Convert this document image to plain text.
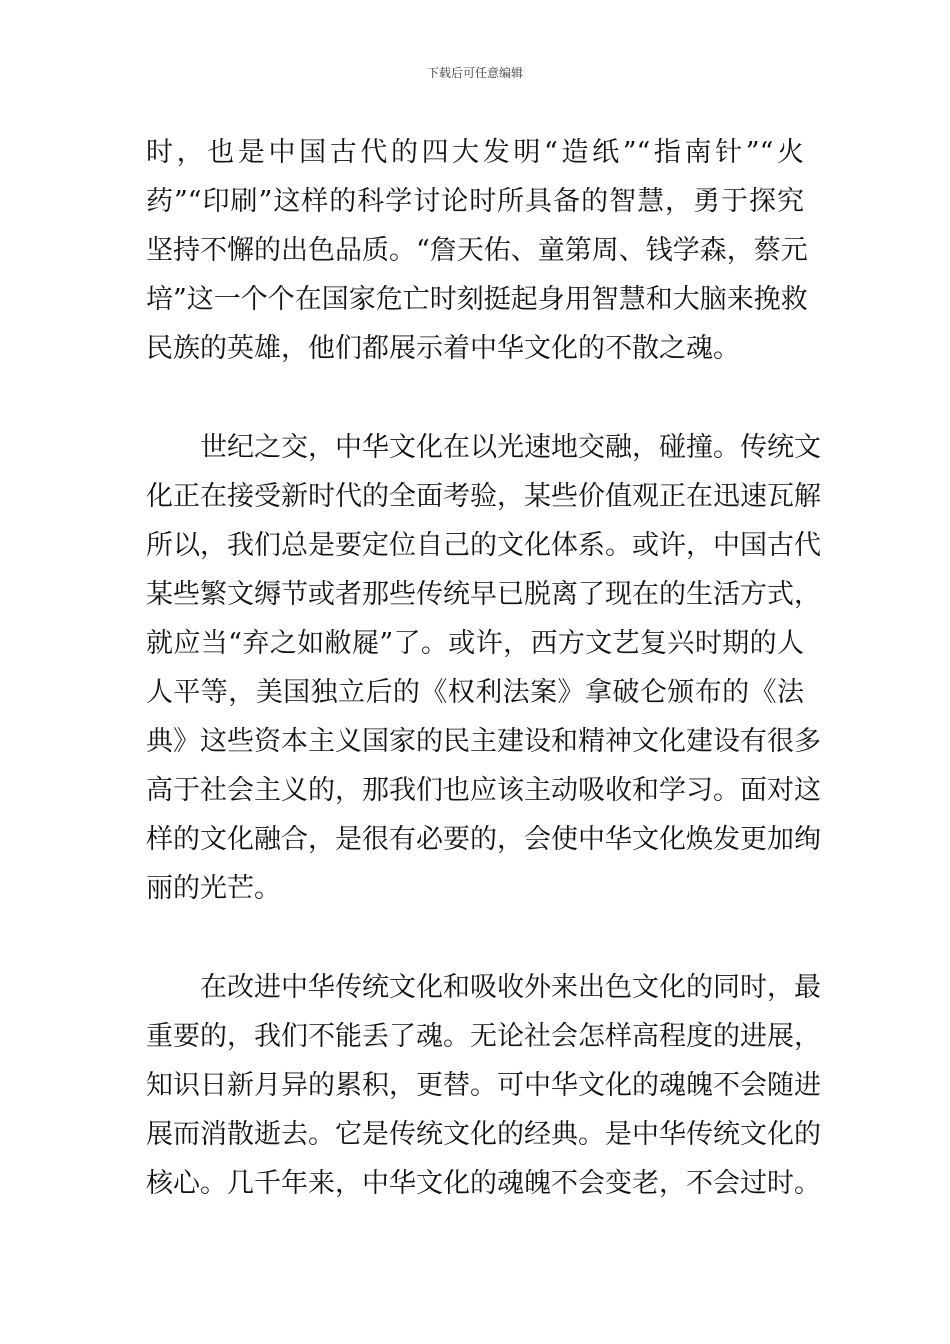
下载后可任意编辑
时，也是中国古代的四大发明“造纸”“指南针”“火
药”“印刷”这样的科学讨论时所具备的智慧，勇于探究
坚持不懈的出色品质。“詹天佑、童第周、钱学森，蔡元
培”这一个个在国家危亡时刻挺起身用智慧和大脑来挽救
民族的英雄，他们都展示着中华文化的不散之魂。
　　世纪之交，中华文化在以光速地交融，碰撞。传统文
化正在接受新时代的全面考验，某些价值观正在迅速瓦解
所以，我们总是要定位自己的文化体系。或许，中国古代
某些繁文缛节或者那些传统早已脱离了现在的生活方式，
就应当“弃之如敝屣”了。或许，西方文艺复兴时期的人
人平等，美国独立后的《权利法案》拿破仑颁布的《法
典》这些资本主义国家的民主建设和精神文化建设有很多
高于社会主义的，那我们也应该主动吸收和学习。面对这
样的文化融合，是很有必要的，会使中华文化焕发更加绚
丽的光芒。
　　在改进中华传统文化和吸收外来出色文化的同时，最
重要的，我们不能丢了魂。无论社会怎样高程度的进展，
知识日新月异的累积，更替。可中华文化的魂魄不会随进
展而消散逝去。它是传统文化的经典。是中华传统文化的
核心。几千年来，中华文化的魂魄不会变老，不会过时。
